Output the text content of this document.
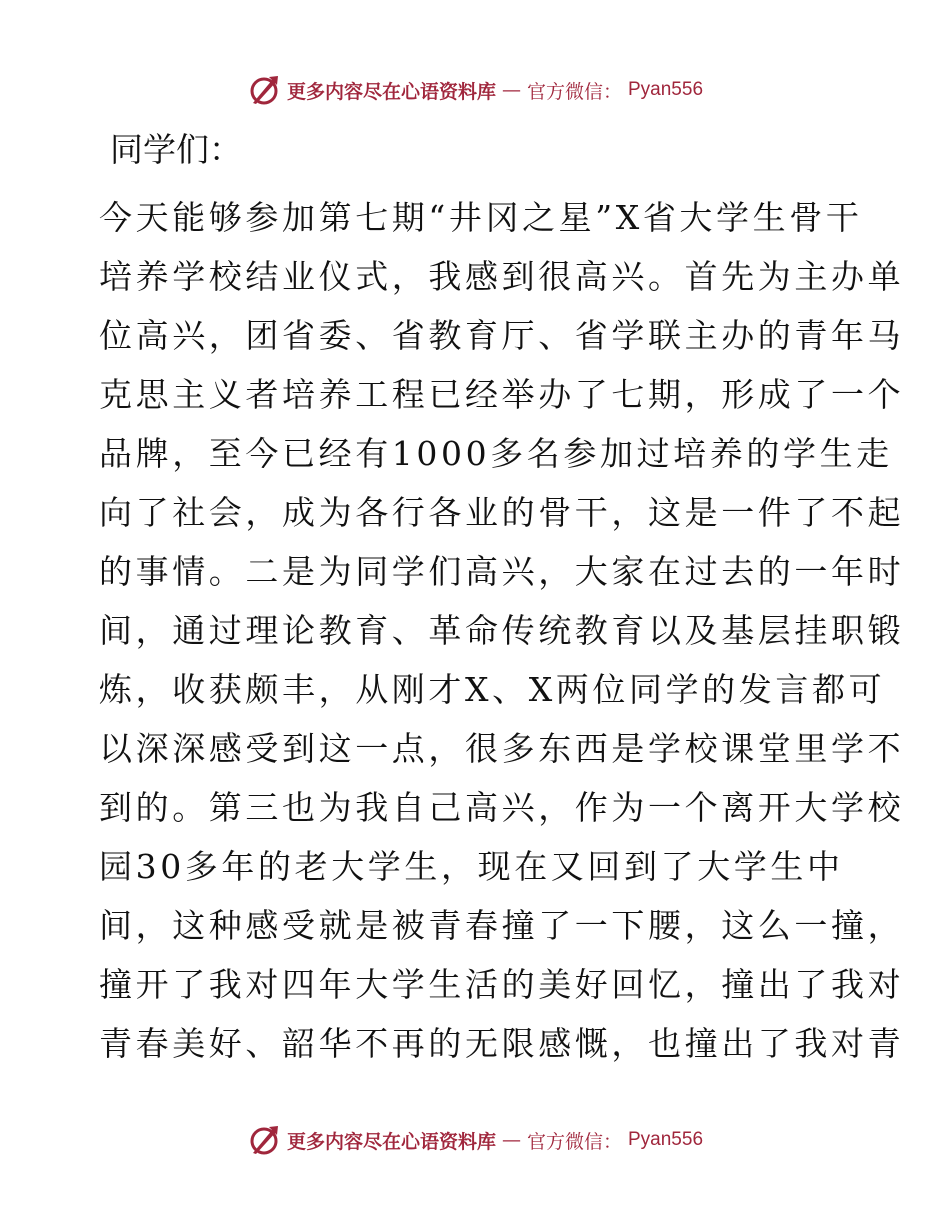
更多内容尽在心语资料库 — 官方微信： Pyan556

同学们：

今天能够参加第七期“井冈之星”X省大学生骨干

培养学校结业仪式，我感到很高兴。首先为主办单

位高兴，团省委、省教育厅、省学联主办的青年马

克思主义者培养工程已经举办了七期，形成了一个

品牌，至今已经有1000多名参加过培养的学生走

向了社会，成为各行各业的骨干，这是一件了不起

的事情。二是为同学们高兴，大家在过去的一年时

间，通过理论教育、革命传统教育以及基层挂职锻

炼，收获颇丰，从刚才X、X两位同学的发言都可

以深深感受到这一点，很多东西是学校课堂里学不

到的。第三也为我自己高兴，作为一个离开大学校

园30多年的老大学生，现在又回到了大学生中

间，这种感受就是被青春撞了一下腰，这么一撞，

撞开了我对四年大学生活的美好回忆，撞出了我对

青春美好、韶华不再的无限感慨，也撞出了我对青

更多内容尽在心语资料库 — 官方微信： Pyan556
